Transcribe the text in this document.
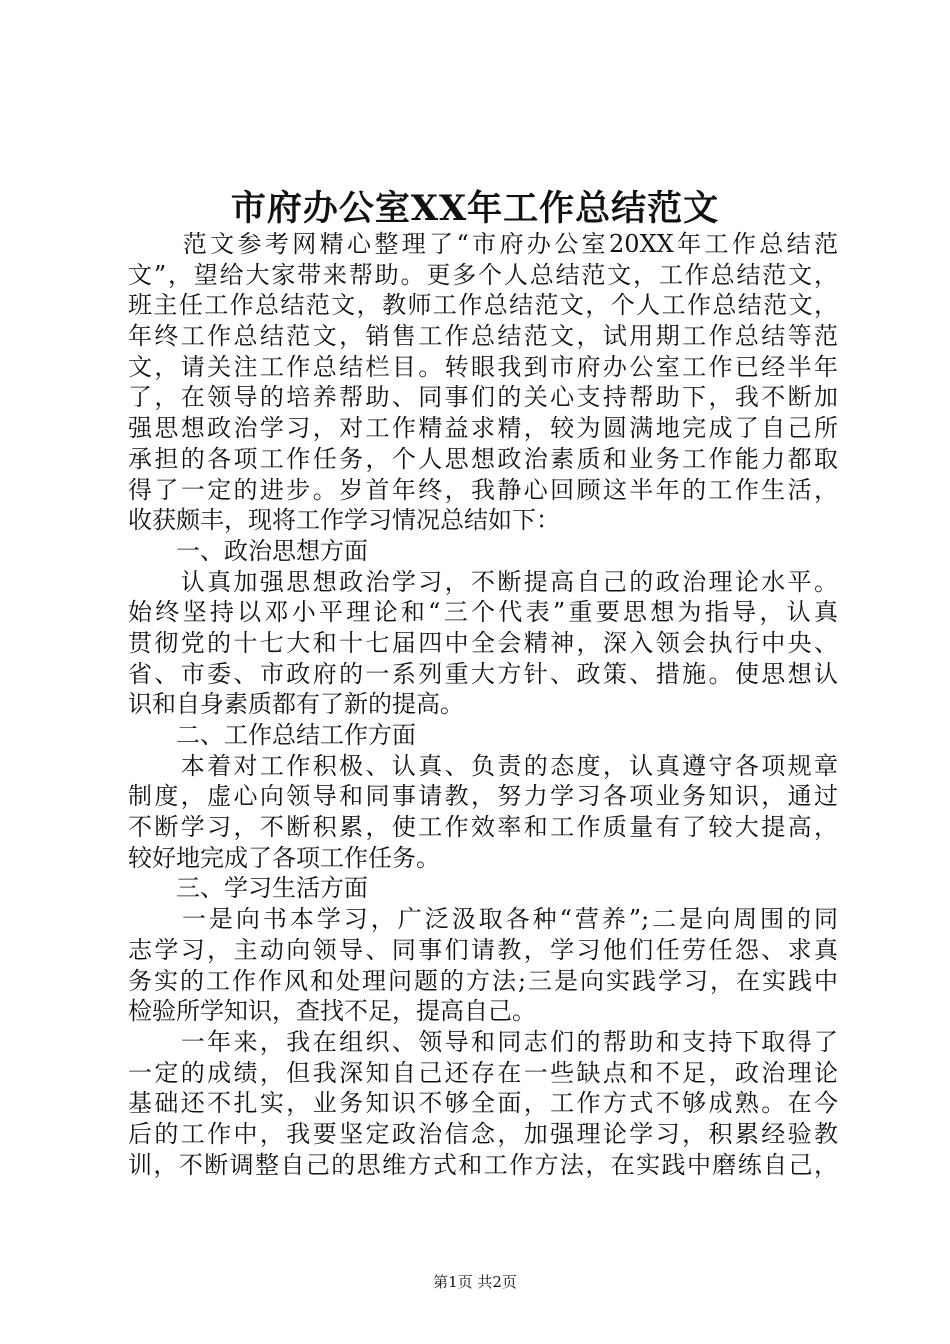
市府办公室XX年工作总结范文
　　范文参考网精心整理了“市府办公室20XX年工作总结范
文”，望给大家带来帮助。更多个人总结范文，工作总结范文，
班主任工作总结范文，教师工作总结范文，个人工作总结范文，
年终工作总结范文，销售工作总结范文，试用期工作总结等范
文，请关注工作总结栏目。转眼我到市府办公室工作已经半年
了，在领导的培养帮助、同事们的关心支持帮助下，我不断加
强思想政治学习，对工作精益求精，较为圆满地完成了自己所
承担的各项工作任务，个人思想政治素质和业务工作能力都取
得了一定的进步。岁首年终，我静心回顾这半年的工作生活，
收获颇丰，现将工作学习情况总结如下：
　　一、政治思想方面
　　认真加强思想政治学习，不断提高自己的政治理论水平。
始终坚持以邓小平理论和“三个代表”重要思想为指导，认真
贯彻党的十七大和十七届四中全会精神，深入领会执行中央、
省、市委、市政府的一系列重大方针、政策、措施。使思想认
识和自身素质都有了新的提高。
　　二、工作总结工作方面
　　本着对工作积极、认真、负责的态度，认真遵守各项规章
制度，虚心向领导和同事请教，努力学习各项业务知识，通过
不断学习，不断积累，使工作效率和工作质量有了较大提高，
较好地完成了各项工作任务。
　　三、学习生活方面
　　一是向书本学习，广泛汲取各种“营养”;二是向周围的同
志学习，主动向领导、同事们请教，学习他们任劳任怨、求真
务实的工作作风和处理问题的方法;三是向实践学习，在实践中
检验所学知识，查找不足，提高自己。
　　一年来，我在组织、领导和同志们的帮助和支持下取得了
一定的成绩，但我深知自己还存在一些缺点和不足，政治理论
基础还不扎实，业务知识不够全面，工作方式不够成熟。在今
后的工作中，我要坚定政治信念，加强理论学习，积累经验教
训，不断调整自己的思维方式和工作方法，在实践中磨练自己，
第1页 共2页
